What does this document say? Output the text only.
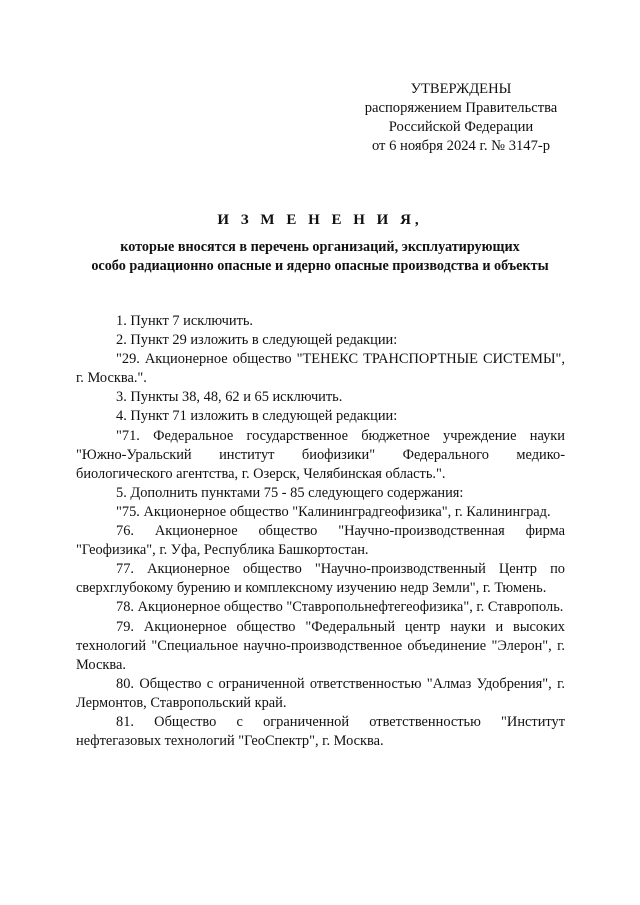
УТВЕРЖДЕНЫ
распоряжением Правительства
Российской Федерации
от 6 ноября 2024 г. № 3147-р
И З М Е Н Е Н И Я,
которые вносятся в перечень организаций, эксплуатирующих
особо радиационно опасные и ядерно опасные производства и объекты

1. Пункт 7 исключить.

2. Пункт 29 изложить в следующей редакции:

"29. Акционерное общество "ТЕНЕКС ТРАНСПОРТНЫЕ СИСТЕМЫ", г. Москва.".

3. Пункты 38, 48, 62 и 65 исключить.

4. Пункт 71 изложить в следующей редакции:

"71. Федеральное государственное бюджетное учреждение науки "Южно-Уральский институт биофизики" Федерального медико-биологического агентства, г. Озерск, Челябинская область.".

5. Дополнить пунктами 75 - 85 следующего содержания:

"75. Акционерное общество "Калининградгеофизика", г. Калининград.

76. Акционерное общество "Научно-производственная фирма "Геофизика", г. Уфа, Республика Башкортостан.

77. Акционерное общество "Научно-производственный Центр по сверхглубокому бурению и комплексному изучению недр Земли", г. Тюмень.

78. Акционерное общество "Ставропольнефтегеофизика", г. Ставрополь.

79. Акционерное общество "Федеральный центр науки и высоких технологий "Специальное научно-производственное объединение "Элерон", г. Москва.

80. Общество с ограниченной ответственностью "Алмаз Удобрения", г. Лермонтов, Ставропольский край.

81. Общество с ограниченной ответственностью "Институт нефтегазовых технологий "ГеоСпектр", г. Москва.
